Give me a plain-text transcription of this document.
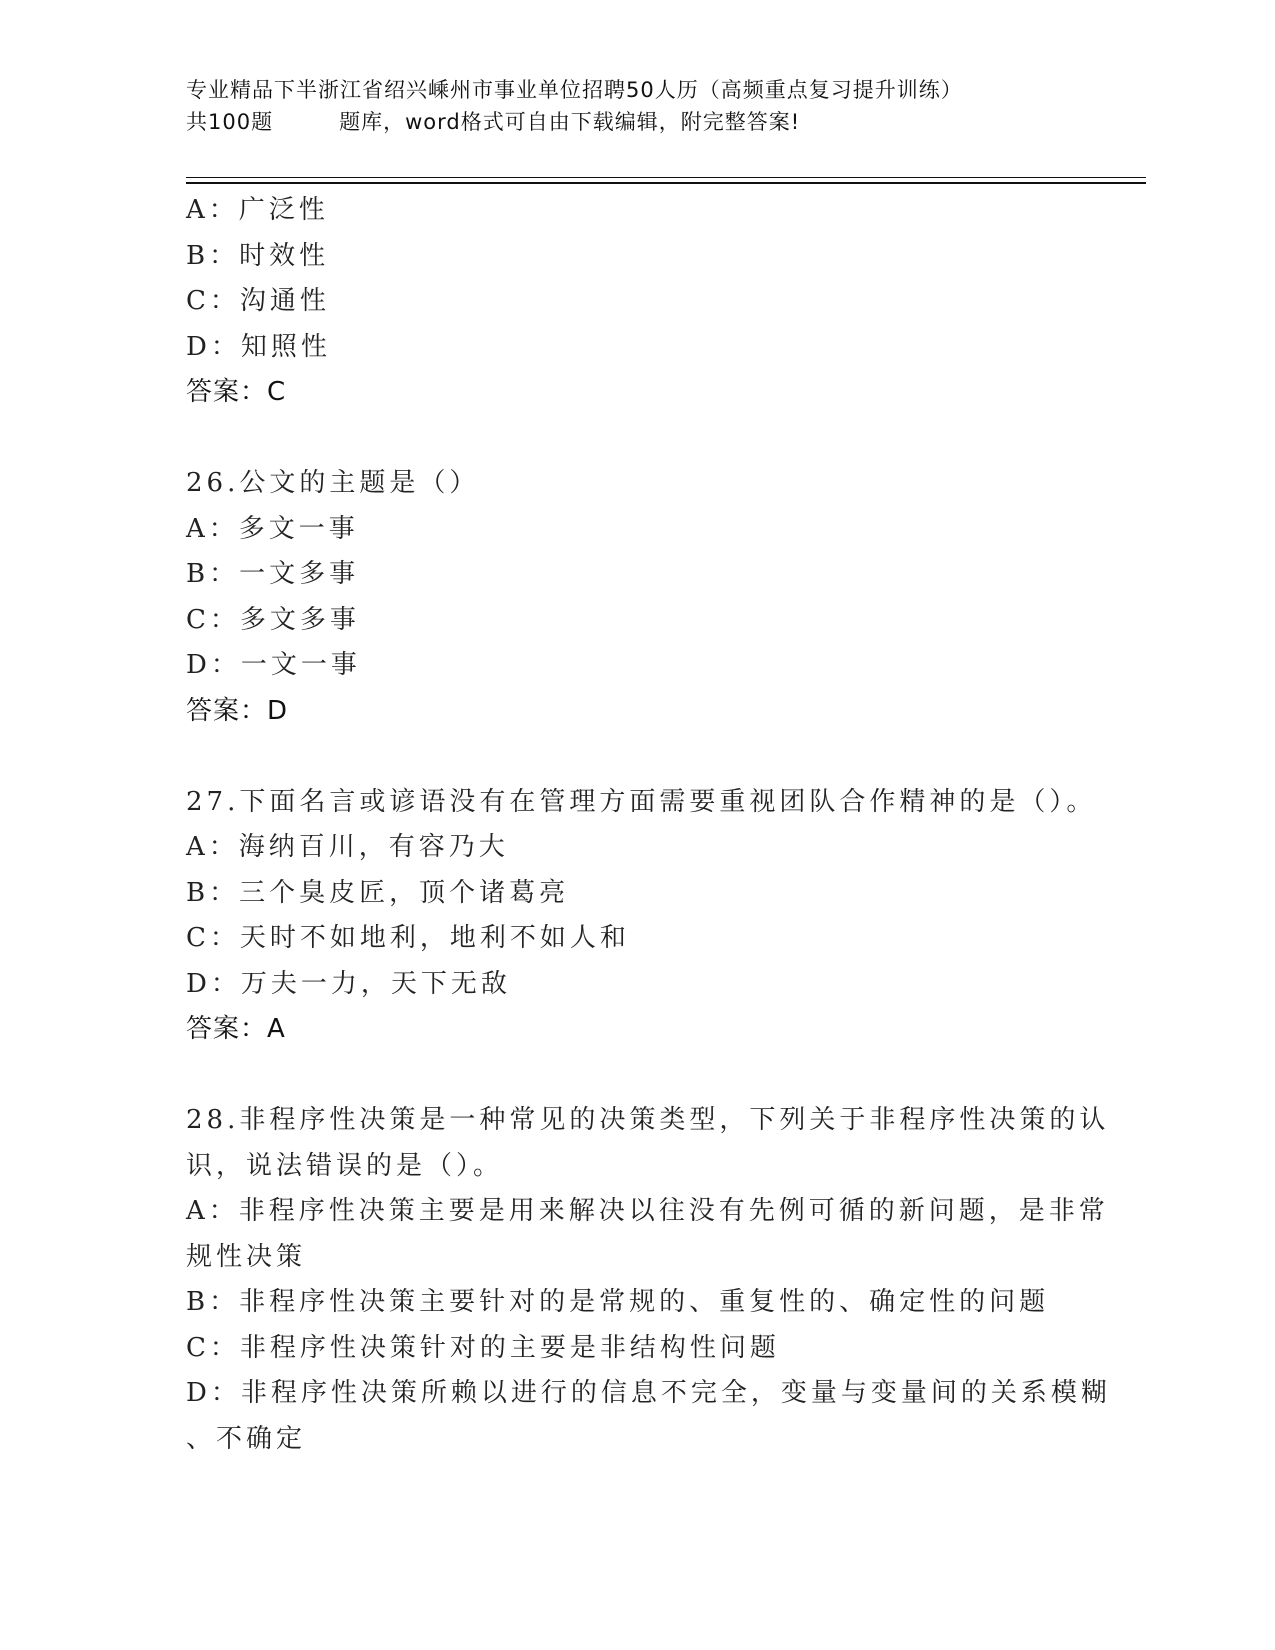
专业精品下半浙江省绍兴嵊州市事业单位招聘50人历（高频重点复习提升训练）
共100题	题库，word格式可自由下载编辑，附完整答案!
A：广泛性
B：时效性
C：沟通性
D：知照性
答案：C
26.公文的主题是（）
A：多文一事
B：一文多事
C：多文多事
D：一文一事
答案：D
27.下面名言或谚语没有在管理方面需要重视团队合作精神的是（）。
A：海纳百川，有容乃大
B：三个臭皮匠，顶个诸葛亮
C：天时不如地利，地利不如人和
D：万夫一力，天下无敌
答案：A
28.非程序性决策是一种常见的决策类型，下列关于非程序性决策的认
识，说法错误的是（）。
A：非程序性决策主要是用来解决以往没有先例可循的新问题，是非常
规性决策
B：非程序性决策主要针对的是常规的、重复性的、确定性的问题
C：非程序性决策针对的主要是非结构性问题
D：非程序性决策所赖以进行的信息不完全，变量与变量间的关系模糊
、不确定
